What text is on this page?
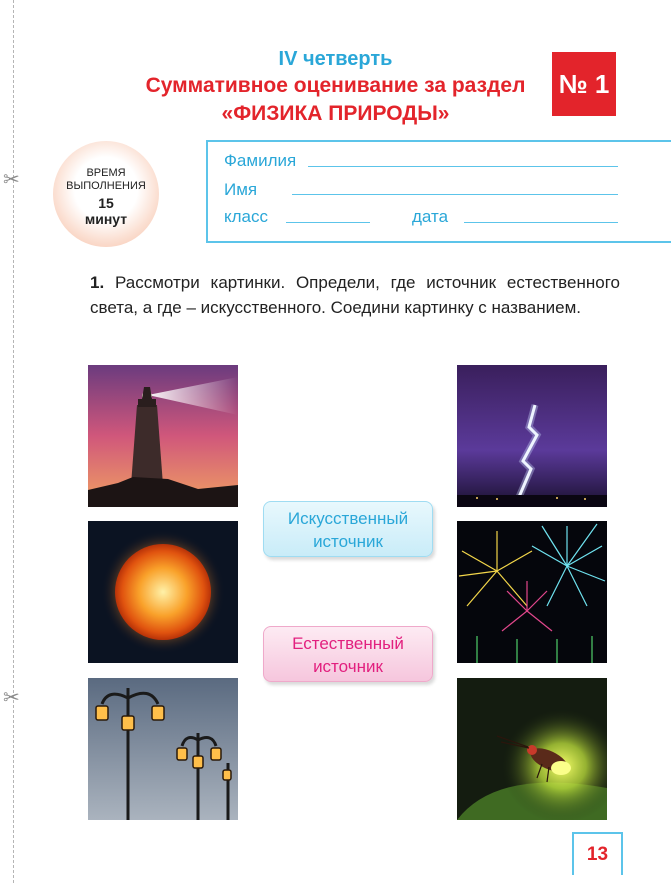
✂
✂
IV четверть
Суммативное оценивание за раздел
«ФИЗИКА ПРИРОДЫ»
№ 1
ВРЕМЯ
ВЫПОЛНЕНИЯ
15
минут
Фамилия
Имя
класс	дата
1. Рассмотри картинки. Определи, где источник естественного света, а где – искусственного. Соедини картинку с названием.
Искусственный
источник
Естественный
источник
13
